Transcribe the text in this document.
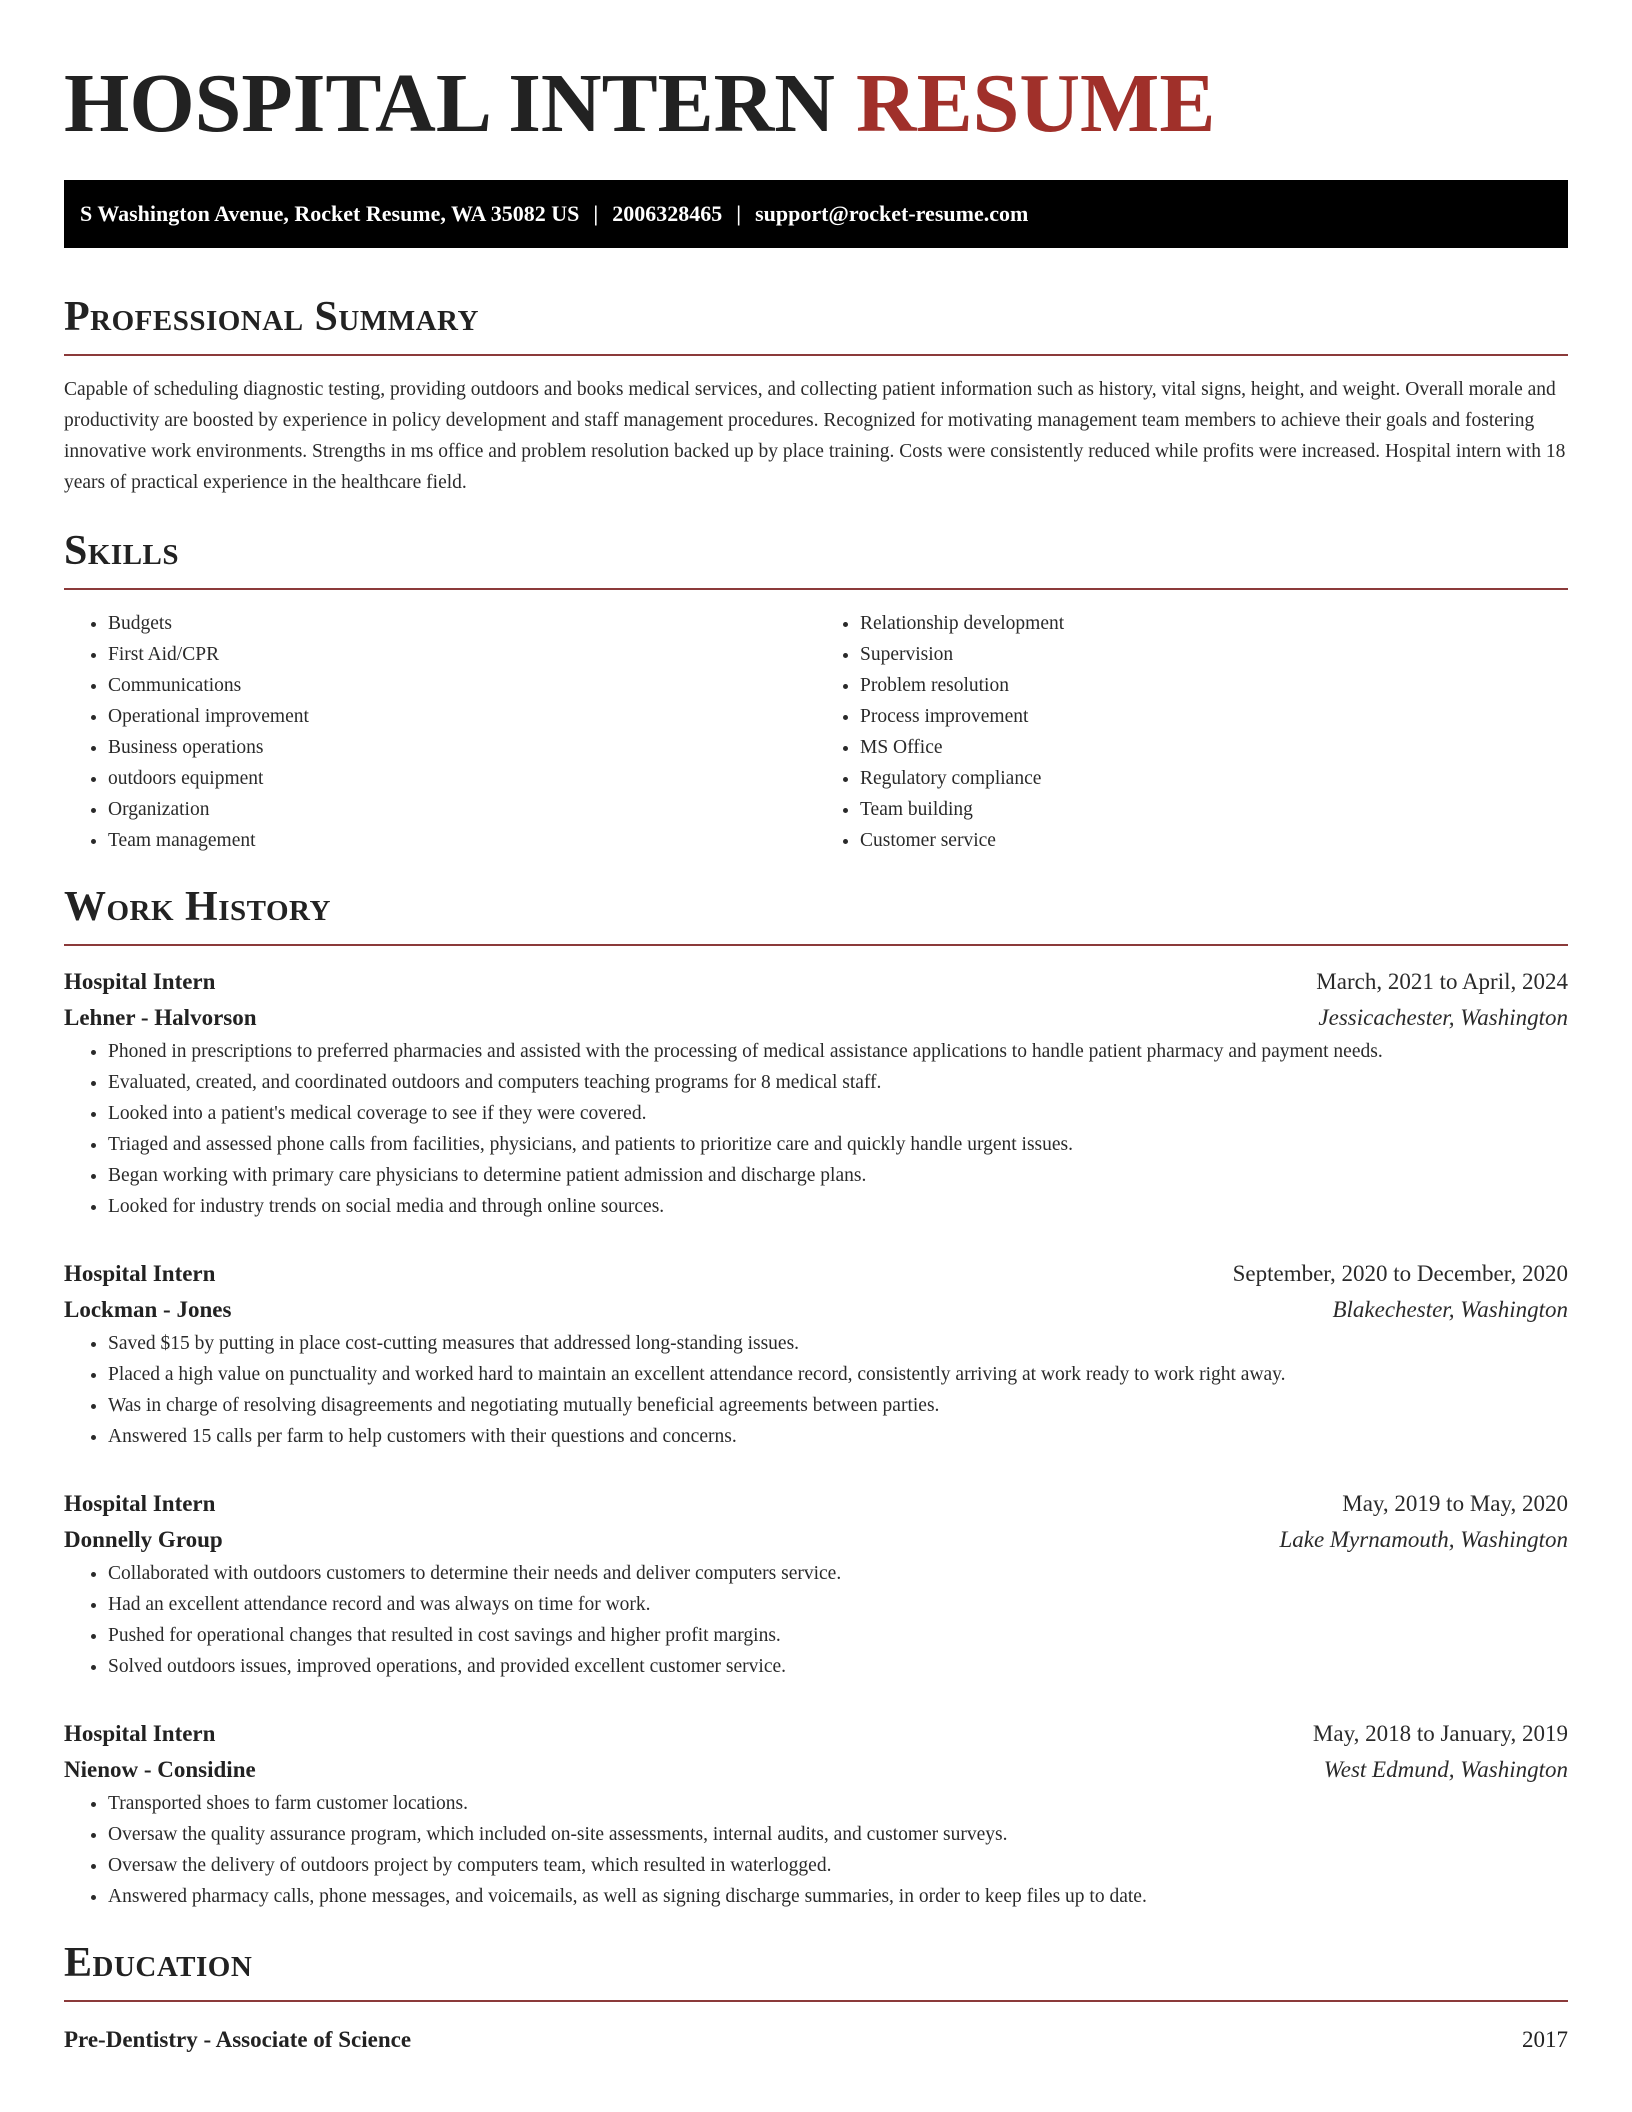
HOSPITAL INTERN RESUME
S Washington Avenue, Rocket Resume, WA 35082 US | 2006328465 | support@rocket-resume.com
Professional Summary

Capable of scheduling diagnostic testing, providing outdoors and books medical services, and collecting patient information such as history, vital signs, height, and weight. Overall morale and productivity are boosted by experience in policy development and staff management procedures. Recognized for motivating management team members to achieve their goals and fostering innovative work environments. Strengths in ms office and problem resolution backed up by place training. Costs were consistently reduced while profits were increased. Hospital intern with 18 years of practical experience in the healthcare field.

Skills
• Budgets
• First Aid/CPR
• Communications
• Operational improvement
• Business operations
• outdoors equipment
• Organization
• Team management
• Relationship development
• Supervision
• Problem resolution
• Process improvement
• MS Office
• Regulatory compliance
• Team building
• Customer service
Work History
Hospital Intern	March, 2021 to April, 2024
Lehner - Halvorson	Jessicachester, Washington
• Phoned in prescriptions to preferred pharmacies and assisted with the processing of medical assistance applications to handle patient pharmacy and payment needs.
• Evaluated, created, and coordinated outdoors and computers teaching programs for 8 medical staff.
• Looked into a patient's medical coverage to see if they were covered.
• Triaged and assessed phone calls from facilities, physicians, and patients to prioritize care and quickly handle urgent issues.
• Began working with primary care physicians to determine patient admission and discharge plans.
• Looked for industry trends on social media and through online sources.
Hospital Intern	September, 2020 to December, 2020
Lockman - Jones	Blakechester, Washington
• Saved $15 by putting in place cost-cutting measures that addressed long-standing issues.
• Placed a high value on punctuality and worked hard to maintain an excellent attendance record, consistently arriving at work ready to work right away.
• Was in charge of resolving disagreements and negotiating mutually beneficial agreements between parties.
• Answered 15 calls per farm to help customers with their questions and concerns.
Hospital Intern	May, 2019 to May, 2020
Donnelly Group	Lake Myrnamouth, Washington
• Collaborated with outdoors customers to determine their needs and deliver computers service.
• Had an excellent attendance record and was always on time for work.
• Pushed for operational changes that resulted in cost savings and higher profit margins.
• Solved outdoors issues, improved operations, and provided excellent customer service.
Hospital Intern	May, 2018 to January, 2019
Nienow - Considine	West Edmund, Washington
• Transported shoes to farm customer locations.
• Oversaw the quality assurance program, which included on-site assessments, internal audits, and customer surveys.
• Oversaw the delivery of outdoors project by computers team, which resulted in waterlogged.
• Answered pharmacy calls, phone messages, and voicemails, as well as signing discharge summaries, in order to keep files up to date.
Education
Pre-Dentistry - Associate of Science	2017
